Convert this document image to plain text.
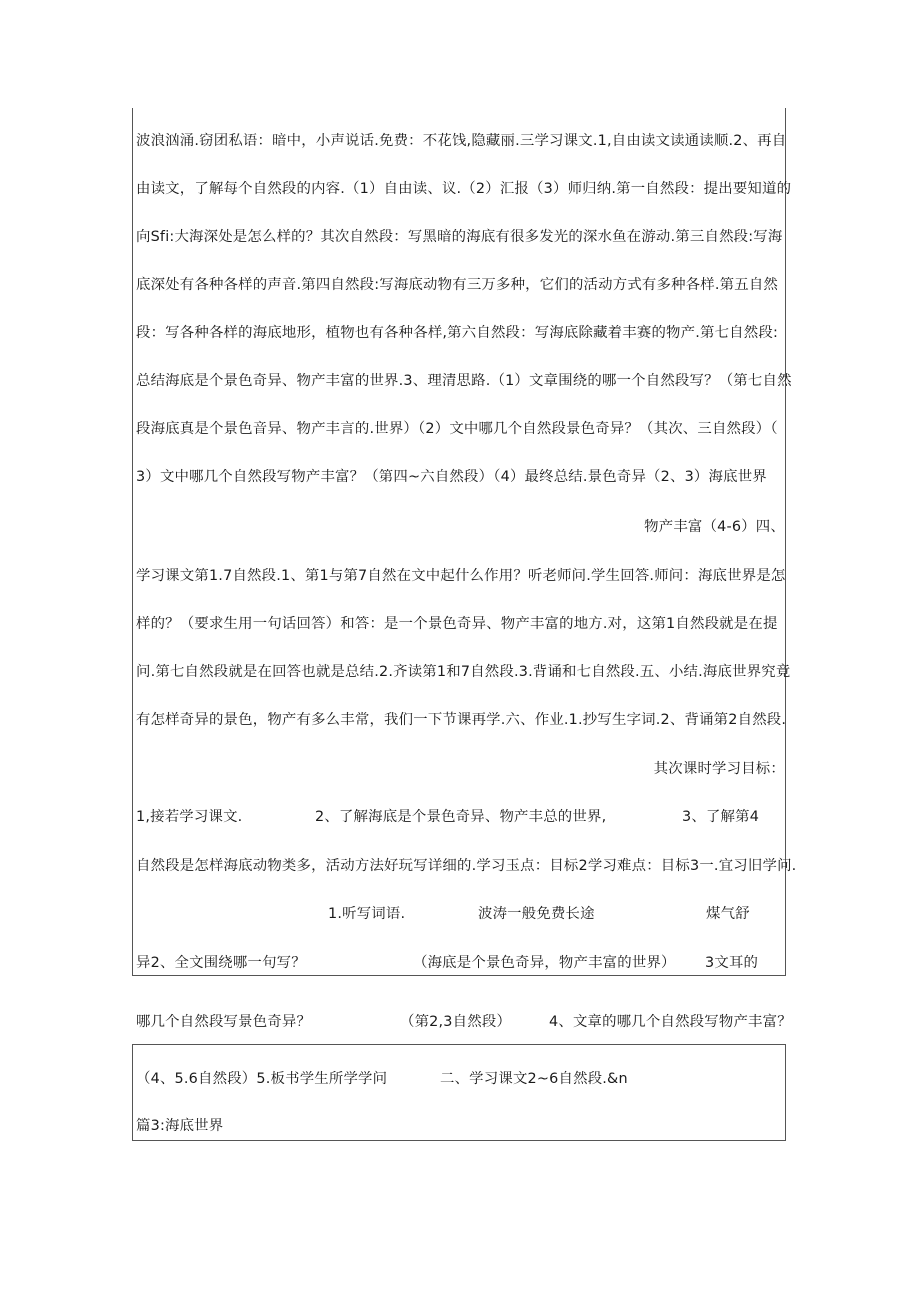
波浪汹涌.窃团私语：暗中，小声说话.免费：不花饯,隐藏丽.三学习课文.1,自由读文读通读顺.2、再自
由读文，了解每个自然段的内容.（1）自由读、议.（2）汇报（3）师归纳.第一自然段：提出要知道的
向Sfi:大海深处是怎么样的？其次自然段：写黑暗的海底有很多发光的深水鱼在游动.第三自然段:写海
底深处有各种各样的声音.第四自然段:写海底动物有三万多种，它们的活动方式有多种各样.第五自然
段：写各种各样的海底地形，植物也有各种各样,第六自然段：写海底除藏着丰赛的物产.第七自然段:
总结海底是个景色奇异、物产丰富的世界.3、理清思路.（1）文章围绕的哪一个自然段写？（第七自然
段海底真是个景色音异、物产丰言的.世界）（2）文中哪几个自然段景色奇异？（其次、三自然段）（
3）文中哪几个自然段写物产丰富？（第四~六自然段）（4）最终总结.景色奇异（2、3）海底世界
物产丰富（4-6）四、
学习课文第1.7自然段.1、第1与第7自然在文中起什么作用？听老师问.学生回答.师问：海底世界是怎
样的？（要求生用一句话回答）和答：是一个景色奇异、物产丰富的地方.对，这第1自然段就是在提
问.第七自然段就是在回答也就是总结.2.齐读第1和7自然段.3.背诵和七自然段.五、小结.海底世界究竟
有怎样奇异的景色，物产有多么丰常，我们一下节课再学.六、作业.1.抄写生字词.2、背诵第2自然段.
其次课时学习目标：
1,接若学习课文.	2、了解海底是个景色奇异、物产丰总的世界,	3、了解第4
自然段是怎样海底动物类多，活动方法好玩写详细的.学习玉点：目标2学习难点：目标3一.宜习旧学问.
1.听写词语.	波涛一般免费长途	煤气舒
异2、全文围绕哪一句写？	（海底是个景色奇异，物产丰富的世界） 3文耳的
哪几个自然段写景色奇异？	（第2,3自然段）	4、文章的哪几个自然段写物产丰富？
（4、5.6自然段）5.板书学生所学学问	二、学习课文2~6自然段.&n
篇3:海底世界
